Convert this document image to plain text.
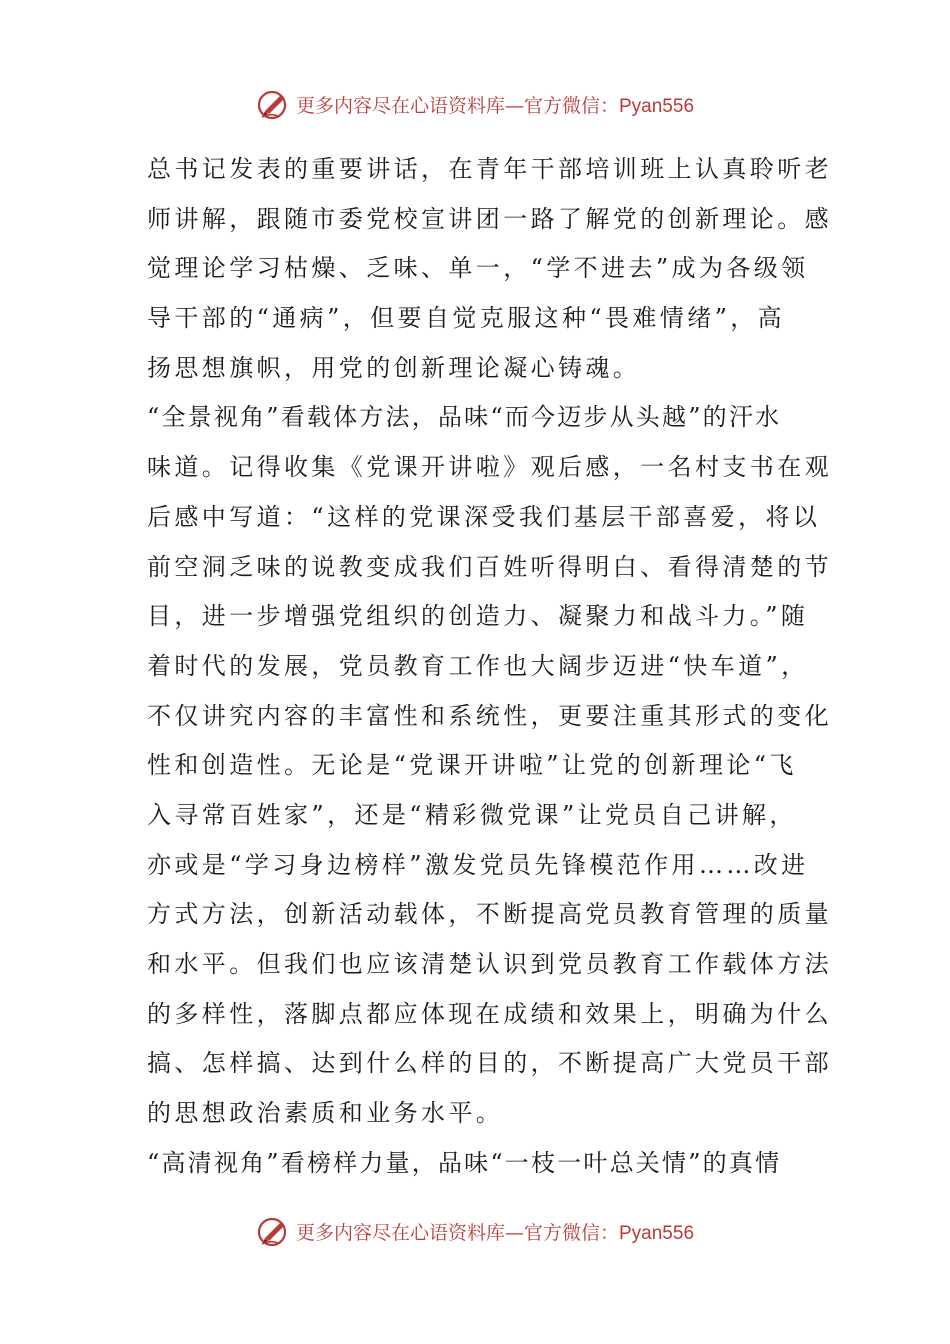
更多内容尽在心语资料库—官方微信：Pyan556
总书记发表的重要讲话，在青年干部培训班上认真聆听老
师讲解，跟随市委党校宣讲团一路了解党的创新理论。感
觉理论学习枯燥、乏味、单一，“学不进去”成为各级领
导干部的“通病”，但要自觉克服这种“畏难情绪”，高
扬思想旗帜，用党的创新理论凝心铸魂。
“全景视角”看载体方法，品味“而今迈步从头越”的汗水
味道。记得收集《党课开讲啦》观后感，一名村支书在观
后感中写道：“这样的党课深受我们基层干部喜爱，将以
前空洞乏味的说教变成我们百姓听得明白、看得清楚的节
目，进一步增强党组织的创造力、凝聚力和战斗力。”随
着时代的发展，党员教育工作也大阔步迈进“快车道”，
不仅讲究内容的丰富性和系统性，更要注重其形式的变化
性和创造性。无论是“党课开讲啦”让党的创新理论“飞
入寻常百姓家”，还是“精彩微党课”让党员自己讲解，
亦或是“学习身边榜样”激发党员先锋模范作用……改进
方式方法，创新活动载体，不断提高党员教育管理的质量
和水平。但我们也应该清楚认识到党员教育工作载体方法
的多样性，落脚点都应体现在成绩和效果上，明确为什么
搞、怎样搞、达到什么样的目的，不断提高广大党员干部
的思想政治素质和业务水平。
“高清视角”看榜样力量，品味“一枝一叶总关情”的真情
更多内容尽在心语资料库—官方微信：Pyan556
